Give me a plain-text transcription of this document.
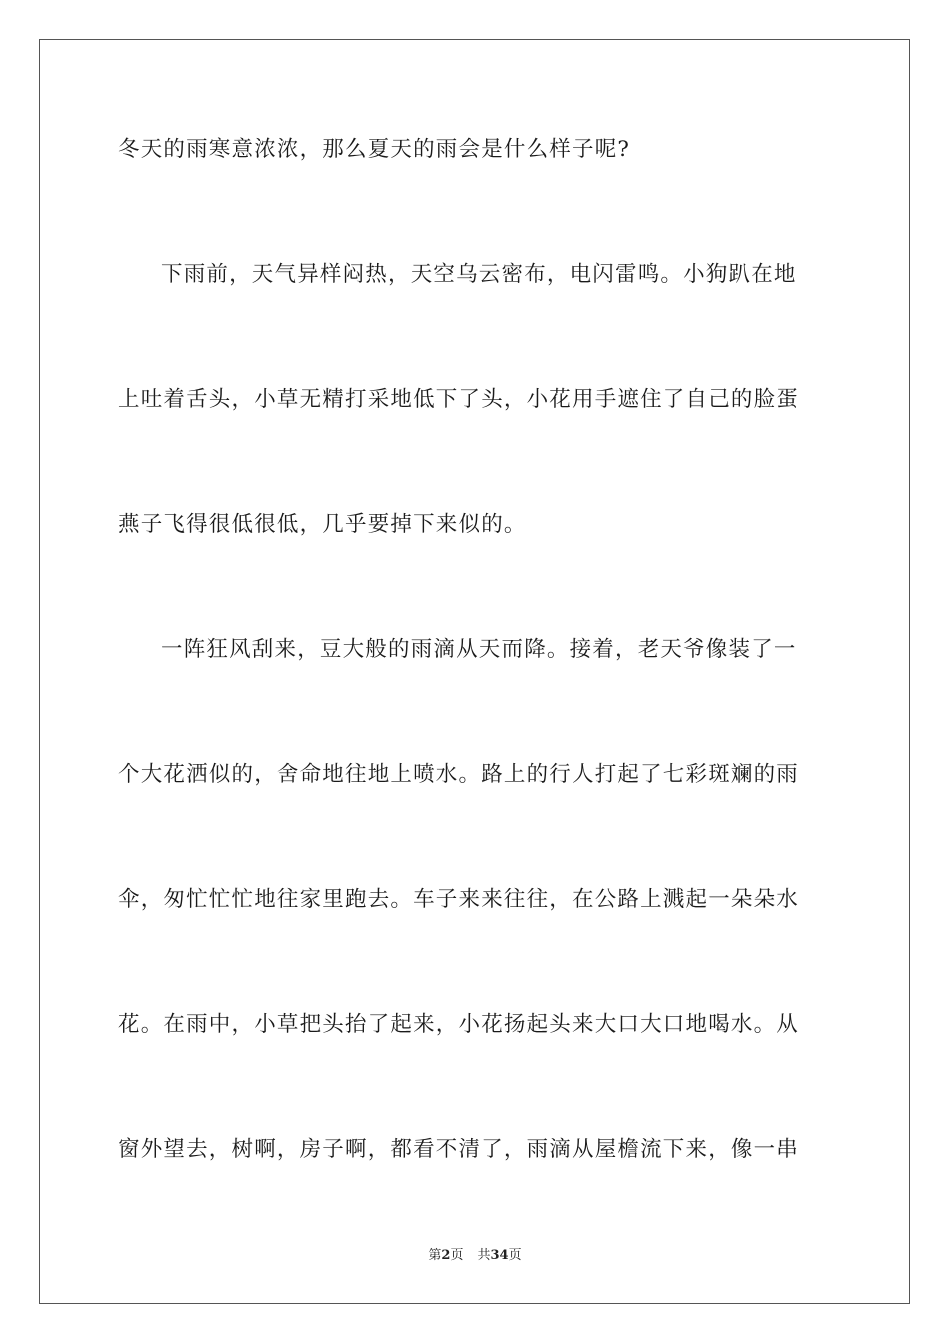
冬天的雨寒意浓浓，那么夏天的雨会是什么样子呢?
下雨前，天气异样闷热，天空乌云密布，电闪雷鸣。小狗趴在地
上吐着舌头，小草无精打采地低下了头，小花用手遮住了自己的脸蛋
燕子飞得很低很低，几乎要掉下来似的。
一阵狂风刮来，豆大般的雨滴从天而降。接着，老天爷像装了一
个大花洒似的，舍命地往地上喷水。路上的行人打起了七彩斑斓的雨
伞，匆忙忙忙地往家里跑去。车子来来往往，在公路上溅起一朵朵水
花。在雨中，小草把头抬了起来，小花扬起头来大口大口地喝水。从
窗外望去，树啊，房子啊，都看不清了，雨滴从屋檐流下来，像一串
第2页 共34页
